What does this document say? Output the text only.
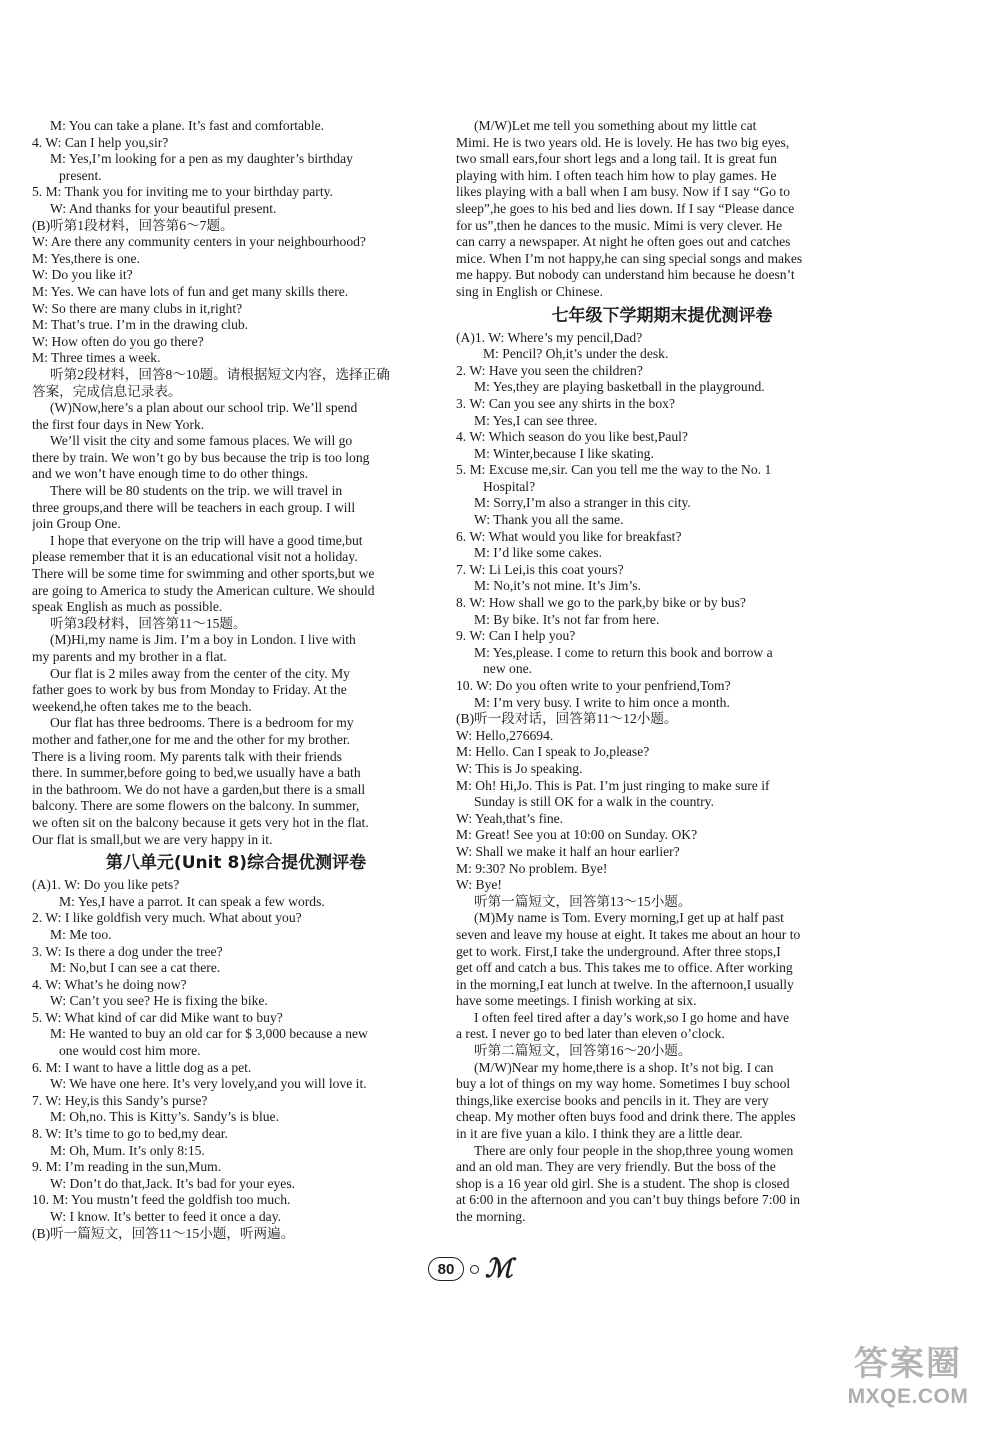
M: You can take a plane. It’s fast and comfortable.
4. W: Can I help you,sir?
M: Yes,I’m looking for a pen as my daughter’s birthday
present.
5. M: Thank you for inviting me to your birthday party.
W: And thanks for your beautiful present.
(B)听第1段材料，回答第6～7题。
W: Are there any community centers in your neighbourhood?
M: Yes,there is one.
W: Do you like it?
M: Yes. We can have lots of fun and get many skills there.
W: So there are many clubs in it,right?
M: That’s true. I’m in the drawing club.
W: How often do you go there?
M: Three times a week.
听第2段材料，回答8～10题。请根据短文内容，选择正确
答案，完成信息记录表。
(W)Now,here’s a plan about our school trip. We’ll spend
the first four days in New York.
We’ll visit the city and some famous places. We will go
there by train. We won’t go by bus because the trip is too long
and we won’t have enough time to do other things.
There will be 80 students on the trip. we will travel in
three groups,and there will be teachers in each group. I will
join Group One.
I hope that everyone on the trip will have a good time,but
please remember that it is an educational visit not a holiday.
There will be some time for swimming and other sports,but we
are going to America to study the American culture. We should
speak English as much as possible.
听第3段材料，回答第11～15题。
(M)Hi,my name is Jim. I’m a boy in London. I live with
my parents and my brother in a flat.
Our flat is 2 miles away from the center of the city. My
father goes to work by bus from Monday to Friday. At the
weekend,he often takes me to the beach.
Our flat has three bedrooms. There is a bedroom for my
mother and father,one for me and the other for my brother.
There is a living room. My parents talk with their friends
there. In summer,before going to bed,we usually have a bath
in the bathroom. We do not have a garden,but there is a small
balcony. There are some flowers on the balcony. In summer,
we often sit on the balcony because it gets very hot in the flat.
Our flat is small,but we are very happy in it.
第八单元(Unit 8)综合提优测评卷
(A)1. W: Do you like pets?
M: Yes,I have a parrot. It can speak a few words.
2. W: I like goldfish very much. What about you?
M: Me too.
3. W: Is there a dog under the tree?
M: No,but I can see a cat there.
4. W: What’s he doing now?
W: Can’t you see? He is fixing the bike.
5. W: What kind of car did Mike want to buy?
M: He wanted to buy an old car for $ 3,000 because a new
one would cost him more.
6. M: I want to have a little dog as a pet.
W: We have one here. It’s very lovely,and you will love it.
7. W: Hey,is this Sandy’s purse?
M: Oh,no. This is Kitty’s. Sandy’s is blue.
8. W: It’s time to go to bed,my dear.
M: Oh, Mum. It’s only 8:15.
9. M: I’m reading in the sun,Mum.
W: Don’t do that,Jack. It’s bad for your eyes.
10. M: You mustn’t feed the goldfish too much.
W: I know. It’s better to feed it once a day.
(B)听一篇短文，回答11～15小题，听两遍。
(M/W)Let me tell you something about my little cat
Mimi. He is two years old. He is lovely. He has two big eyes,
two small ears,four short legs and a long tail. It is great fun
playing with him. I often teach him how to play games. He
likes playing with a ball when I am busy. Now if I say “Go to
sleep”,he goes to his bed and lies down. If I say “Please dance
for us”,then he dances to the music. Mimi is very clever. He
can carry a newspaper. At night he often goes out and catches
mice. When I’m not happy,he can sing special songs and makes
me happy. But nobody can understand him because he doesn’t
sing in English or Chinese.
七年级下学期期末提优测评卷
(A)1. W: Where’s my pencil,Dad?
M: Pencil? Oh,it’s under the desk.
2. W: Have you seen the children?
M: Yes,they are playing basketball in the playground.
3. W: Can you see any shirts in the box?
M: Yes,I can see three.
4. W: Which season do you like best,Paul?
M: Winter,because I like skating.
5. M: Excuse me,sir. Can you tell me the way to the No. 1
Hospital?
M: Sorry,I’m also a stranger in this city.
W: Thank you all the same.
6. W: What would you like for breakfast?
M: I’d like some cakes.
7. W: Li Lei,is this coat yours?
M: No,it’s not mine. It’s Jim’s.
8. W: How shall we go to the park,by bike or by bus?
M: By bike. It’s not far from here.
9. W: Can I help you?
M: Yes,please. I come to return this book and borrow a
new one.
10. W: Do you often write to your penfriend,Tom?
M: I’m very busy. I write to him once a month.
(B)听一段对话，回答第11～12小题。
W: Hello,276694.
M: Hello. Can I speak to Jo,please?
W: This is Jo speaking.
M: Oh! Hi,Jo. This is Pat. I’m just ringing to make sure if
Sunday is still OK for a walk in the country.
W: Yeah,that’s fine.
M: Great! See you at 10:00 on Sunday. OK?
W: Shall we make it half an hour earlier?
M: 9:30? No problem. Bye!
W: Bye!
听第一篇短文，回答第13～15小题。
(M)My name is Tom. Every morning,I get up at half past
seven and leave my house at eight. It takes me about an hour to
get to work. First,I take the underground. After three stops,I
get off and catch a bus. This takes me to office. After working
in the morning,I eat lunch at twelve. In the afternoon,I usually
have some meetings. I finish working at six.
I often feel tired after a day’s work,so I go home and have
a rest. I never go to bed later than eleven o’clock.
听第二篇短文，回答第16～20小题。
(M/W)Near my home,there is a shop. It’s not big. I can
buy a lot of things on my way home. Sometimes I buy school
things,like exercise books and pencils in it. They are very
cheap. My mother often buys food and drink there. The apples
in it are five yuan a kilo. I think they are a little dear.
There are only four people in the shop,three young women
and an old man. They are very friendly. But the boss of the
shop is a 16 year old girl. She is a student. The shop is closed
at 6:00 in the afternoon and you can’t buy things before 7:00 in
the morning.
80	ℳ
答案圈
MXQE.COM
